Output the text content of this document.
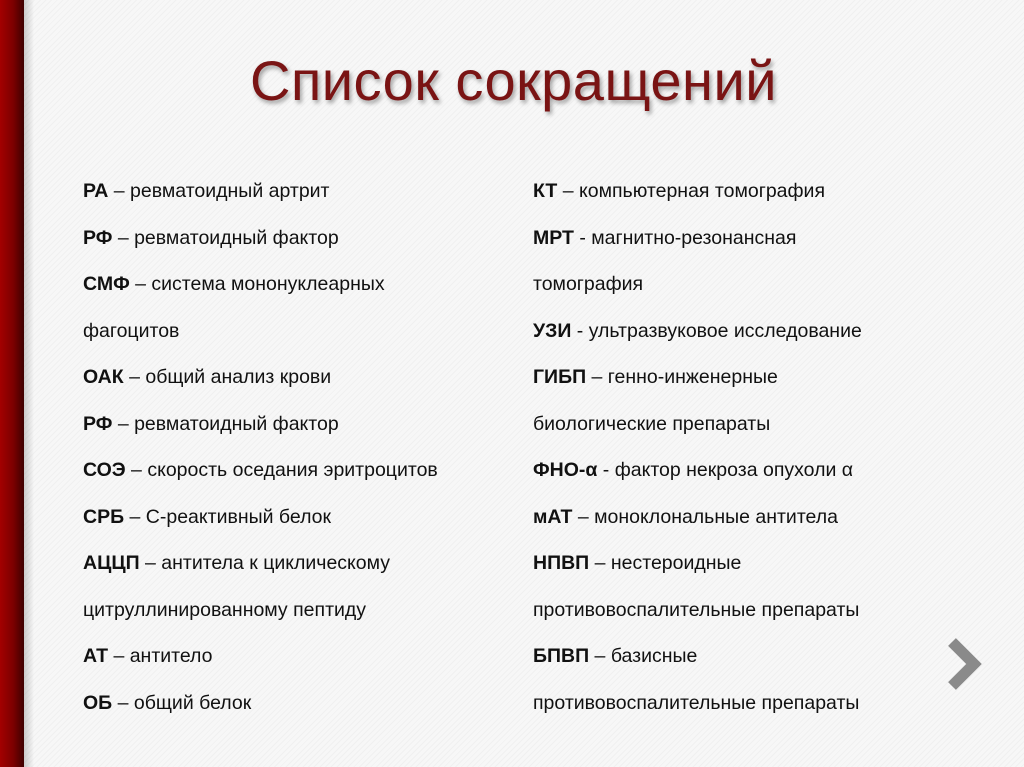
Список сокращений
РА – ревматоидный артрит
РФ – ревматоидный фактор
СМФ – система мононуклеарных
фагоцитов
ОАК – общий анализ крови
РФ – ревматоидный фактор
СОЭ – скорость оседания эритроцитов
СРБ – С-реактивный белок
АЦЦП – антитела к циклическому
цитруллинированному пептиду
АТ – антитело
ОБ – общий белок
КТ – компьютерная томография
МРТ - магнитно-резонансная
томография
УЗИ - ультразвуковое исследование
ГИБП – генно-инженерные
биологические препараты
ФНО-α - фактор некроза опухоли α
мАТ – моноклональные антитела
НПВП – нестероидные
противовоспалительные препараты
БПВП – базисные
противовоспалительные препараты
